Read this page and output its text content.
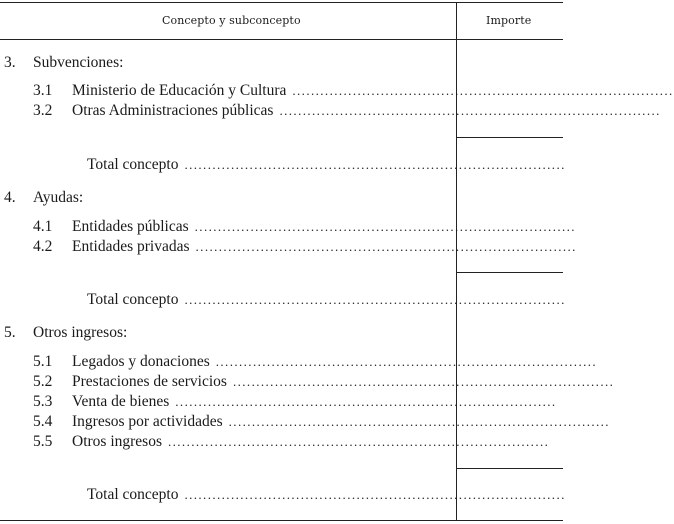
Concepto y subconcepto	Importe
3. Subvenciones:
3.1 Ministerio de Educación y Cultura ..................................................................................
3.2 Otras Administraciones públicas ..................................................................................
Total concepto ..................................................................................
4. Ayudas:
4.1 Entidades públicas ..................................................................................
4.2 Entidades privadas ..................................................................................
Total concepto ..................................................................................
5. Otros ingresos:
5.1 Legados y donaciones ..................................................................................
5.2 Prestaciones de servicios ..................................................................................
5.3 Venta de bienes ..................................................................................
5.4 Ingresos por actividades ..................................................................................
5.5 Otros ingresos ..................................................................................
Total concepto ..................................................................................
